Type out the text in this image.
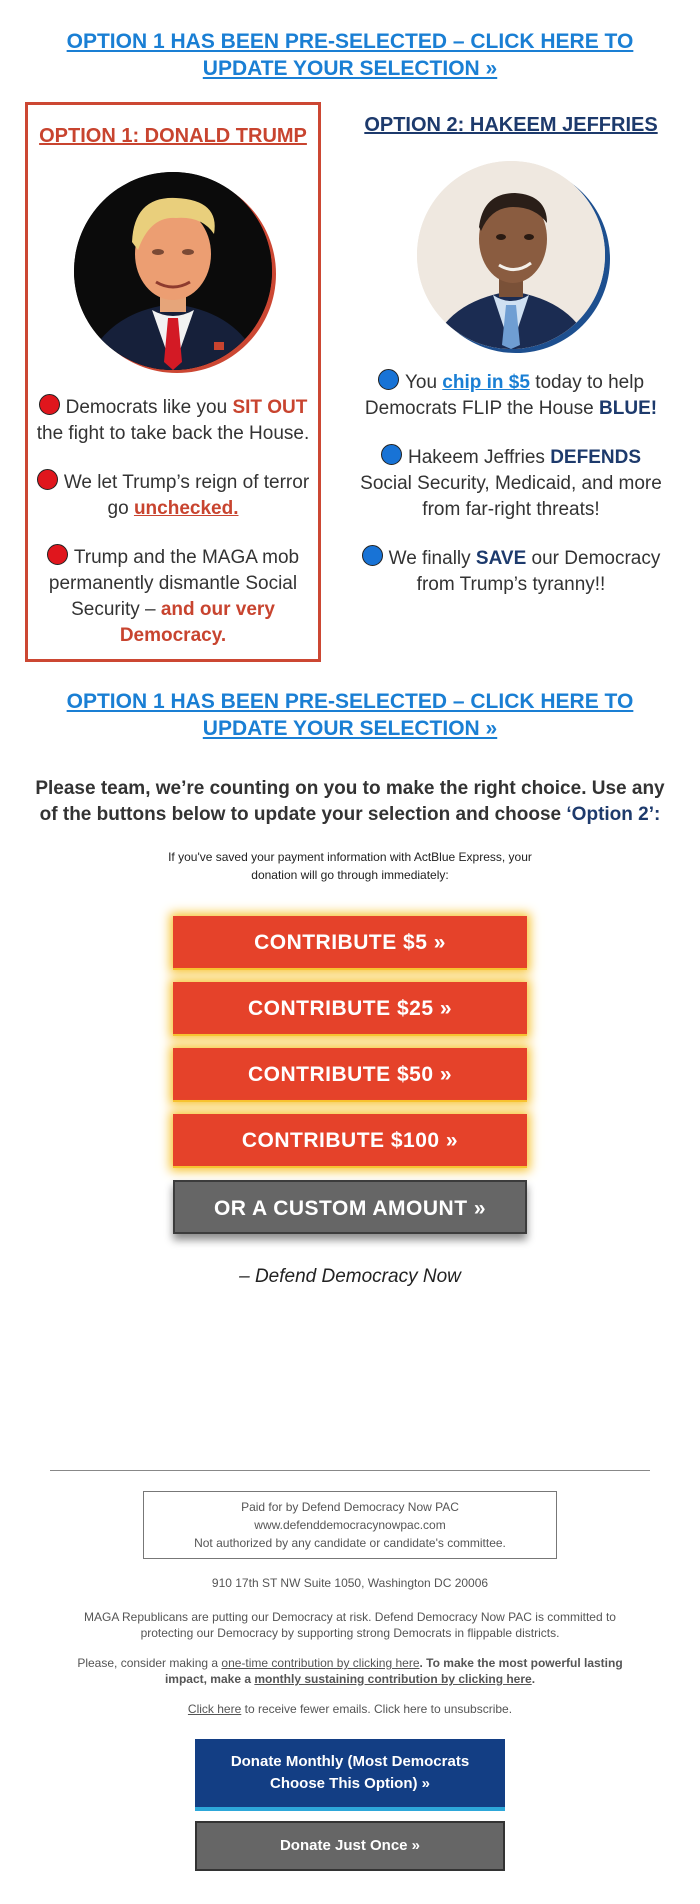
OPTION 1 HAS BEEN PRE-SELECTED – CLICK HERE TO UPDATE YOUR SELECTION »

OPTION 1: DONALD TRUMP

Democrats like you SIT OUT the fight to take back the House.

We let Trump’s reign of terror go unchecked.

Trump and the MAGA mob permanently dismantle Social Security – and our very Democracy.

OPTION 2: HAKEEM JEFFRIES

You chip in $5 today to help Democrats FLIP the House BLUE!

Hakeem Jeffries DEFENDS Social Security, Medicaid, and more from far-right threats!

We finally SAVE our Democracy from Trump’s tyranny!!

OPTION 1 HAS BEEN PRE-SELECTED – CLICK HERE TO UPDATE YOUR SELECTION »
Please team, we’re counting on you to make the right choice. Use any of the buttons below to update your selection and choose ‘Option 2’:
If you've saved your payment information with ActBlue Express, your donation will go through immediately:
CONTRIBUTE $5 »
CONTRIBUTE $25 »
CONTRIBUTE $50 »
CONTRIBUTE $100 »
OR A CUSTOM AMOUNT »
– Defend Democracy Now
Paid for by Defend Democracy Now PAC
www.defenddemocracynowpac.com
Not authorized by any candidate or candidate's committee.
910 17th ST NW Suite 1050, Washington DC 20006
MAGA Republicans are putting our Democracy at risk. Defend Democracy Now PAC is committed to protecting our Democracy by supporting strong Democrats in flippable districts.
Please, consider making a one-time contribution by clicking here. To make the most powerful lasting impact, make a monthly sustaining contribution by clicking here.
Click here to receive fewer emails. Click here to unsubscribe.
Donate Monthly (Most Democrats Choose This Option) »
Donate Just Once »
